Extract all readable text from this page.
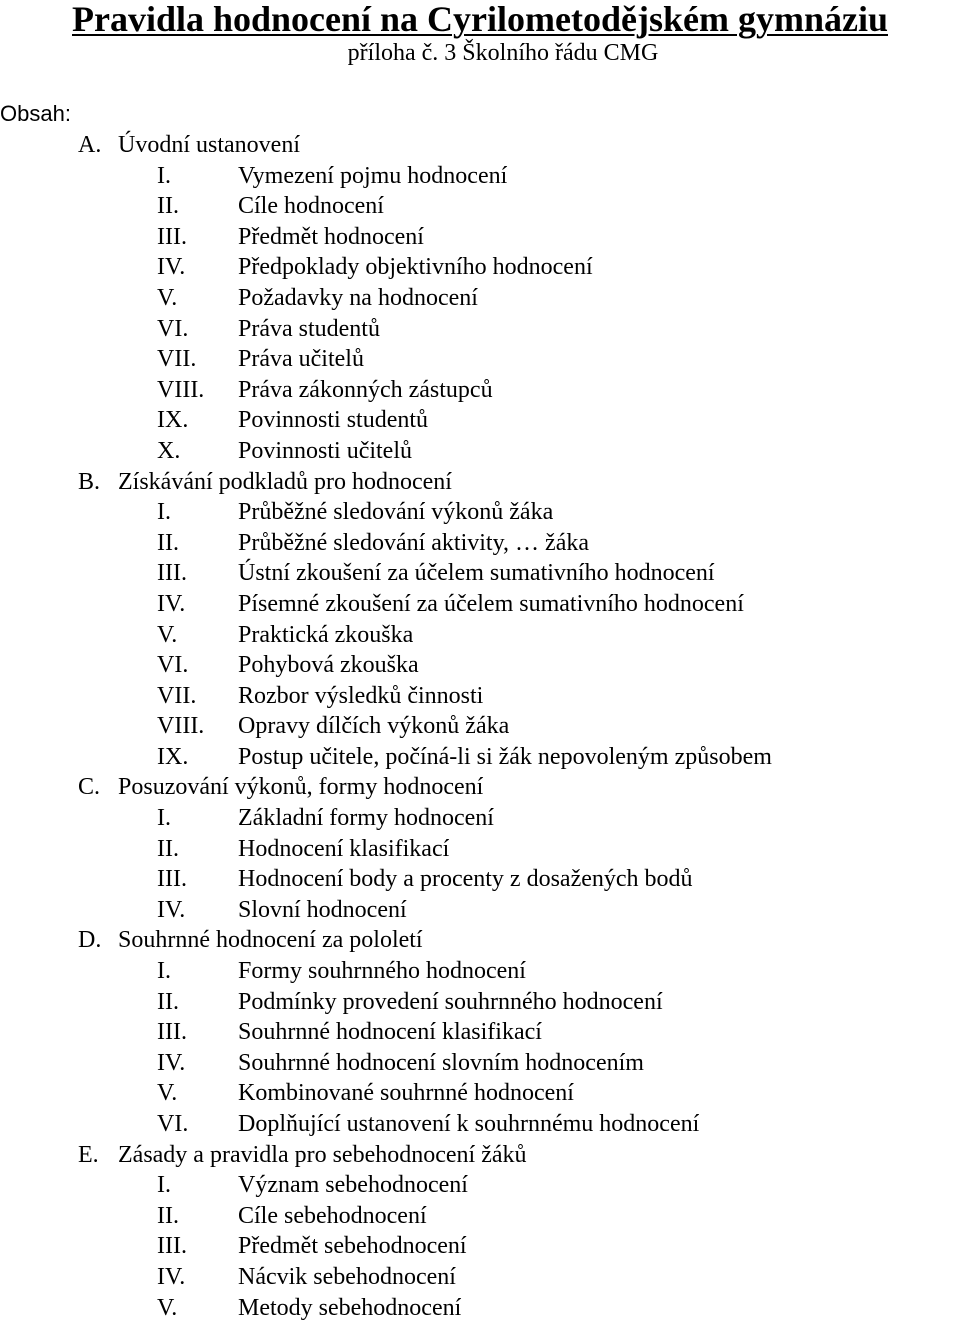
Pravidla hodnocení na Cyrilometodějském gymnáziu
příloha č. 3 Školního řádu CMG
Obsah:
A. Úvodní ustanovení
I.	Vymezení pojmu hodnocení
II. Cíle hodnocení
III. Předmět hodnocení
IV. Předpoklady objektivního hodnocení
V.	Požadavky na hodnocení
VI. Práva studentů
VII. Práva učitelů
VIII. Práva zákonných zástupců
IX. Povinnosti studentů
X. Povinnosti učitelů
B. Získávání podkladů pro hodnocení
I.	Průběžné sledování výkonů žáka
II. Průběžné sledování aktivity, … žáka
III. Ústní zkoušení za účelem sumativního hodnocení
IV. Písemné zkoušení za účelem sumativního hodnocení
V.	Praktická zkouška
VI. Pohybová zkouška
VII. Rozbor výsledků činnosti
VIII. Opravy dílčích výkonů žáka
IX. Postup učitele, počíná-li si žák nepovoleným způsobem
C. Posuzování výkonů, formy hodnocení
I.	Základní formy hodnocení
II. Hodnocení klasifikací
III. Hodnocení body a procenty z dosažených bodů
IV. Slovní hodnocení
D. Souhrnné hodnocení za pololetí
I.	Formy souhrnného hodnocení
II. Podmínky provedení souhrnného hodnocení
III. Souhrnné hodnocení klasifikací
IV. Souhrnné hodnocení slovním hodnocením
V.	Kombinované souhrnné hodnocení
VI. Doplňující ustanovení k souhrnnému hodnocení
E. Zásady a pravidla pro sebehodnocení žáků
I.	Význam sebehodnocení
II. Cíle sebehodnocení
III. Předmět sebehodnocení
IV. Nácvik sebehodnocení
V.	Metody sebehodnocení
